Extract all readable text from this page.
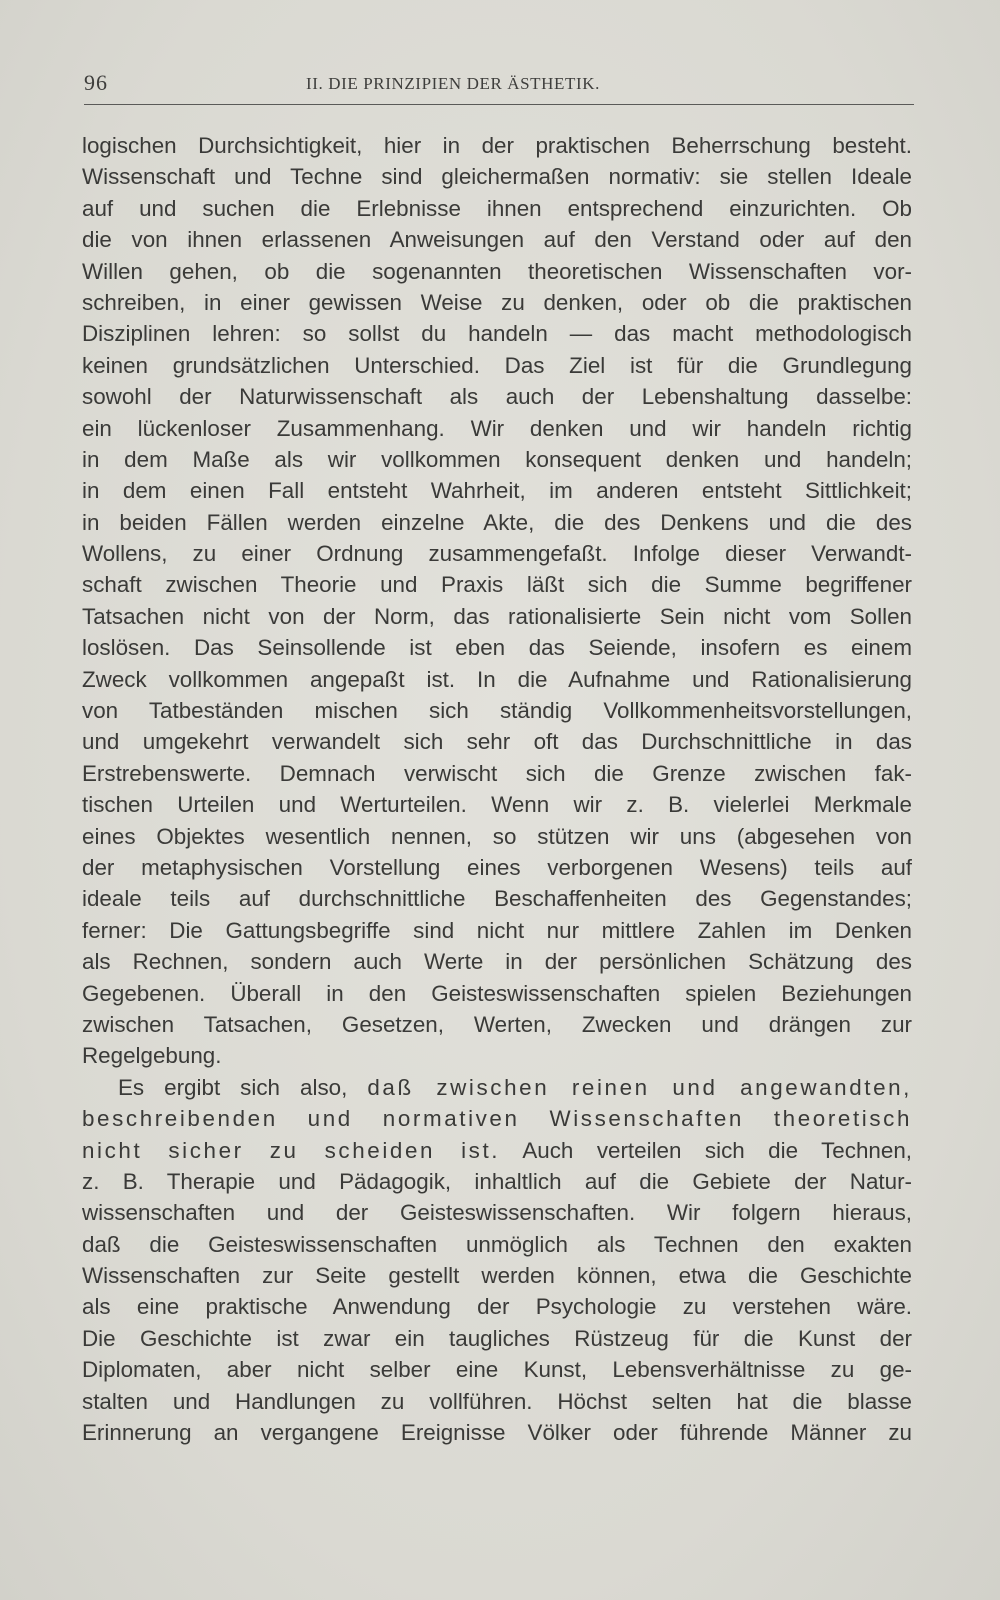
96	II. DIE PRINZIPIEN DER ÄSTHETIK.
logischen Durchsichtigkeit, hier in der praktischen Beherrschung besteht.
Wissenschaft und Techne sind gleichermaßen normativ: sie stellen Ideale
auf und suchen die Erlebnisse ihnen entsprechend einzurichten. Ob
die von ihnen erlassenen Anweisungen auf den Verstand oder auf den
Willen gehen, ob die sogenannten theoretischen Wissenschaften vor-
schreiben, in einer gewissen Weise zu denken, oder ob die praktischen
Disziplinen lehren: so sollst du handeln — das macht methodologisch
keinen grundsätzlichen Unterschied. Das Ziel ist für die Grundlegung
sowohl der Naturwissenschaft als auch der Lebenshaltung dasselbe:
ein lückenloser Zusammenhang. Wir denken und wir handeln richtig
in dem Maße als wir vollkommen konsequent denken und handeln;
in dem einen Fall entsteht Wahrheit, im anderen entsteht Sittlichkeit;
in beiden Fällen werden einzelne Akte, die des Denkens und die des
Wollens, zu einer Ordnung zusammengefaßt. Infolge dieser Verwandt-
schaft zwischen Theorie und Praxis läßt sich die Summe begriffener
Tatsachen nicht von der Norm, das rationalisierte Sein nicht vom Sollen
loslösen. Das Seinsollende ist eben das Seiende, insofern es einem
Zweck vollkommen angepaßt ist. In die Aufnahme und Rationalisierung
von Tatbeständen mischen sich ständig Vollkommenheitsvorstellungen,
und umgekehrt verwandelt sich sehr oft das Durchschnittliche in das
Erstrebenswerte. Demnach verwischt sich die Grenze zwischen fak-
tischen Urteilen und Werturteilen. Wenn wir z. B. vielerlei Merkmale
eines Objektes wesentlich nennen, so stützen wir uns (abgesehen von
der metaphysischen Vorstellung eines verborgenen Wesens) teils auf
ideale teils auf durchschnittliche Beschaffenheiten des Gegenstandes;
ferner: Die Gattungsbegriffe sind nicht nur mittlere Zahlen im Denken
als Rechnen, sondern auch Werte in der persönlichen Schätzung des
Gegebenen. Überall in den Geisteswissenschaften spielen Beziehungen
zwischen Tatsachen, Gesetzen, Werten, Zwecken und drängen zur
Regelgebung.
Es ergibt sich also, daß zwischen reinen und angewandten,
beschreibenden und normativen Wissenschaften theoretisch
nicht sicher zu scheiden ist. Auch verteilen sich die Technen,
z. B. Therapie und Pädagogik, inhaltlich auf die Gebiete der Natur-
wissenschaften und der Geisteswissenschaften. Wir folgern hieraus,
daß die Geisteswissenschaften unmöglich als Technen den exakten
Wissenschaften zur Seite gestellt werden können, etwa die Geschichte
als eine praktische Anwendung der Psychologie zu verstehen wäre.
Die Geschichte ist zwar ein taugliches Rüstzeug für die Kunst der
Diplomaten, aber nicht selber eine Kunst, Lebensverhältnisse zu ge-
stalten und Handlungen zu vollführen. Höchst selten hat die blasse
Erinnerung an vergangene Ereignisse Völker oder führende Männer zu
